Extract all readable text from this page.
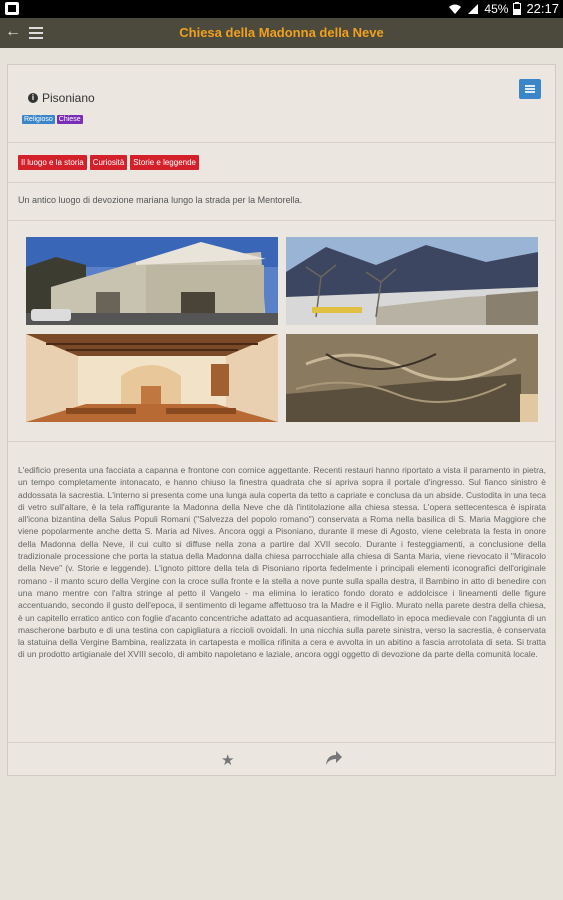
45% 22:17
←	Chiesa della Madonna della Neve
i Pisoniano
Religioso Chiese
Il luogo e la storia	Curiosità	Storie e leggende
Un antico luogo di devozione mariana lungo la strada per la Mentorella.
L'edificio presenta una facciata a capanna e frontone con cornice aggettante. Recenti restauri hanno riportato a vista il paramento in pietra, un tempo completamente intonacato, e hanno chiuso la finestra quadrata che si apriva sopra il portale d'ingresso. Sul fianco sinistro è addossata la sacrestia. L'interno si presenta come una lunga aula coperta da tetto a capriate e conclusa da un abside. Custodita in una teca di vetro sull'altare, è la tela raffigurante la Madonna della Neve che dà l'intitolazione alla chiesa stessa. L'opera settecentesca è ispirata all'icona bizantina della Salus Populi Romani ("Salvezza del popolo romano") conservata a Roma nella basilica di S. Maria Maggiore che viene popolarmente anche detta S. Maria ad Nives. Ancora oggi a Pisoniano, durante il mese di Agosto, viene celebrata la festa in onore della Madonna della Neve, il cui culto si diffuse nella zona a partire dal XVII secolo. Durante i festeggiamenti, a conclusione della tradizionale processione che porta la statua della Madonna dalla chiesa parrocchiale alla chiesa di Santa Maria, viene rievocato il "Miracolo della Neve" (v. Storie e leggende). L'ignoto pittore della tela di Pisoniano riporta fedelmente i principali elementi iconografici dell'originale romano - il manto scuro della Vergine con la croce sulla fronte e la stella a nove punte sulla spalla destra, il Bambino in atto di benedire con una mano mentre con l'altra stringe al petto il Vangelo - ma elimina lo ieratico fondo dorato e addolcisce i lineamenti delle figure accentuando, secondo il gusto dell'epoca, il sentimento di legame affettuoso tra la Madre e il Figlio. Murato nella parete destra della chiesa, è un capitello erratico antico con foglie d'acanto concentriche adattato ad acquasantiera, rimodellato in epoca medievale con l'aggiunta di un mascherone barbuto e di una testina con capigliatura a riccioli ovoidali. In una nicchia sulla parete sinistra, verso la sacrestia, è conservata la statuina della Vergine Bambina, realizzata in cartapesta e mollica rifinita a cera e avvolta in un abitino a fascia arrotolata di seta. Si tratta di un prodotto artigianale del XVIII secolo, di ambito napoletano e laziale, ancora oggi oggetto di devozione da parte della comunità locale.
★
